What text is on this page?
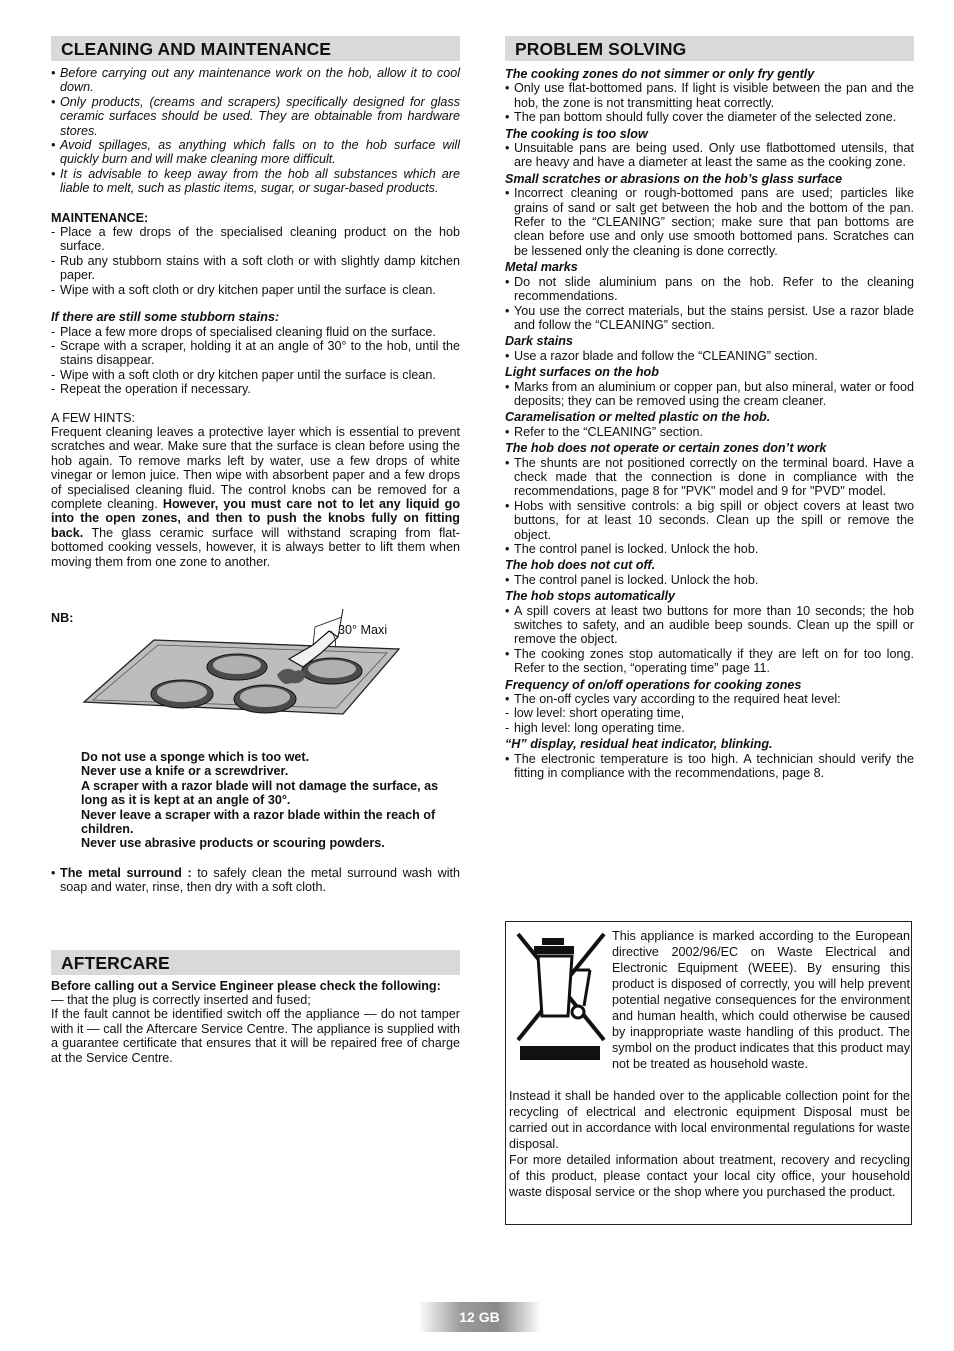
CLEANING AND MAINTENANCE
• Before carrying out any maintenance work on the hob, allow it to cool down.
• Only products, (creams and scrapers) specifically designed for glass ceramic surfaces should be used. They are obtainable from hardware stores.
• Avoid spillages, as anything which falls on to the hob surface will quickly burn and will make cleaning more difficult.
• It is advisable to keep away from the hob all substances which are liable to melt, such as plastic items, sugar, or sugar-based products.

MAINTENANCE:

- Place a few drops of the specialised cleaning product on the hob surface.
- Rub any stubborn stains with a soft cloth or with slightly damp kitchen paper.
- Wipe with a soft cloth or dry kitchen paper until the surface is clean.

If there are still some stubborn stains:

- Place a few more drops of specialised cleaning fluid on the surface.
- Scrape with a scraper, holding it at an angle of 30° to the hob, until the stains disappear.
- Wipe with a soft cloth or dry kitchen paper until the surface is clean.
- Repeat the operation if necessary.

A FEW HINTS:

Frequent cleaning leaves a protective layer which is essential to prevent scratches and wear. Make sure that the surface is clean before using the hob again. To remove marks left by water, use a few drops of white vinegar or lemon juice. Then wipe with absorbent paper and a few drops of specialised cleaning fluid. The control knobs can be removed for a complete cleaning. However, you must care not to let any liquid go into the open zones, and then to push the knobs fully on fitting back. The glass ceramic surface will withstand scraping from flat-bottomed cooking vessels, however, it is always better to lift them when moving them from one zone to another.

NB:

30° Maxi

Do not use a sponge which is too wet.

Never use a knife or a screwdriver.

A scraper with a razor blade will not damage the surface, as long as it is kept at an angle of 30°.

Never leave a scraper with a razor blade within the reach of children.

Never use abrasive products or scouring powders.

• The metal surround : to safely clean the metal surround wash with soap and water, rinse, then dry with a soft cloth.
AFTERCARE

Before calling out a Service Engineer please check the following:

— that the plug is correctly inserted and fused;

If the fault cannot be identified switch off the appliance — do not tamper with it — call the Aftercare Service Centre. The appliance is supplied with a guarantee certificate that ensures that it will be repaired free of charge at the Service Centre.

PROBLEM SOLVING

The cooking zones do not simmer or only fry gently

• Only use flat-bottomed pans. If light is visible between the pan and the hob, the zone is not transmitting heat correctly.
• The pan bottom should fully cover the diameter of the selected zone.

The cooking is too slow

• Unsuitable pans are being used. Only use flatbottomed utensils, that are heavy and have a diameter at least the same as the cooking zone.

Small scratches or abrasions on the hob’s glass surface

• Incorrect cleaning or rough-bottomed pans are used; particles like grains of sand or salt get between the hob and the bottom of the pan. Refer to the “CLEANING” section; make sure that pan bottoms are clean before use and only use smooth bottomed pans. Scratches can be lessened only the cleaning is done correctly.

Metal marks

• Do not slide aluminium pans on the hob. Refer to the cleaning recommendations.
• You use the correct materials, but the stains persist. Use a razor blade and follow the “CLEANING” section.

Dark stains

• Use a razor blade and follow the “CLEANING” section.

Light surfaces on the hob

• Marks from an aluminium or copper pan, but also mineral, water or food deposits; they can be removed using the cream cleaner.

Caramelisation or melted plastic on the hob.

• Refer to the “CLEANING” section.

The hob does not operate or certain zones don’t work

• The shunts are not positioned correctly on the terminal board. Have a check made that the connection is done in compliance with the recommendations, page 8 for "PVK" model and 9 for "PVD" model.
• Hobs with sensitive controls: a big spill or object covers at least two buttons, for at least 10 seconds. Clean up the spill or remove the object.
• The control panel is locked. Unlock the hob.

The hob does not cut off.

• The control panel is locked. Unlock the hob.

The hob stops automatically

• A spill covers at least two buttons for more than 10 seconds; the hob switches to safety, and an audible beep sounds. Clean up the spill or remove the object.
• The cooking zones stop automatically if they are left on for too long. Refer to the section, “operating time” page 11.

Frequency of on/off operations for cooking zones

• The on-off cycles vary according to the required heat level:
- low level: short operating time,
- high level: long operating time.

“H” display, residual heat indicator, blinking.

• The electronic temperature is too high. A technician should verify the fitting in compliance with the recommendations, page 8.

This appliance is marked according to the European directive 2002/96/EC on Waste Electrical and Electronic Equipment (WEEE). By ensuring this product is disposed of correctly, you will help prevent potential negative consequences for the environment and human health, which could otherwise be caused by inappropriate waste handling of this product. The symbol on the product indicates that this product may not be treated as household waste.

Instead it shall be handed over to the applicable collection point for the recycling of electrical and electronic equipment Disposal must be carried out in accordance with local environmental regulations for waste disposal.

For more detailed information about treatment, recovery and recycling of this product, please contact your local city office, your household waste disposal service or the shop where you purchased the product.

12 GB
